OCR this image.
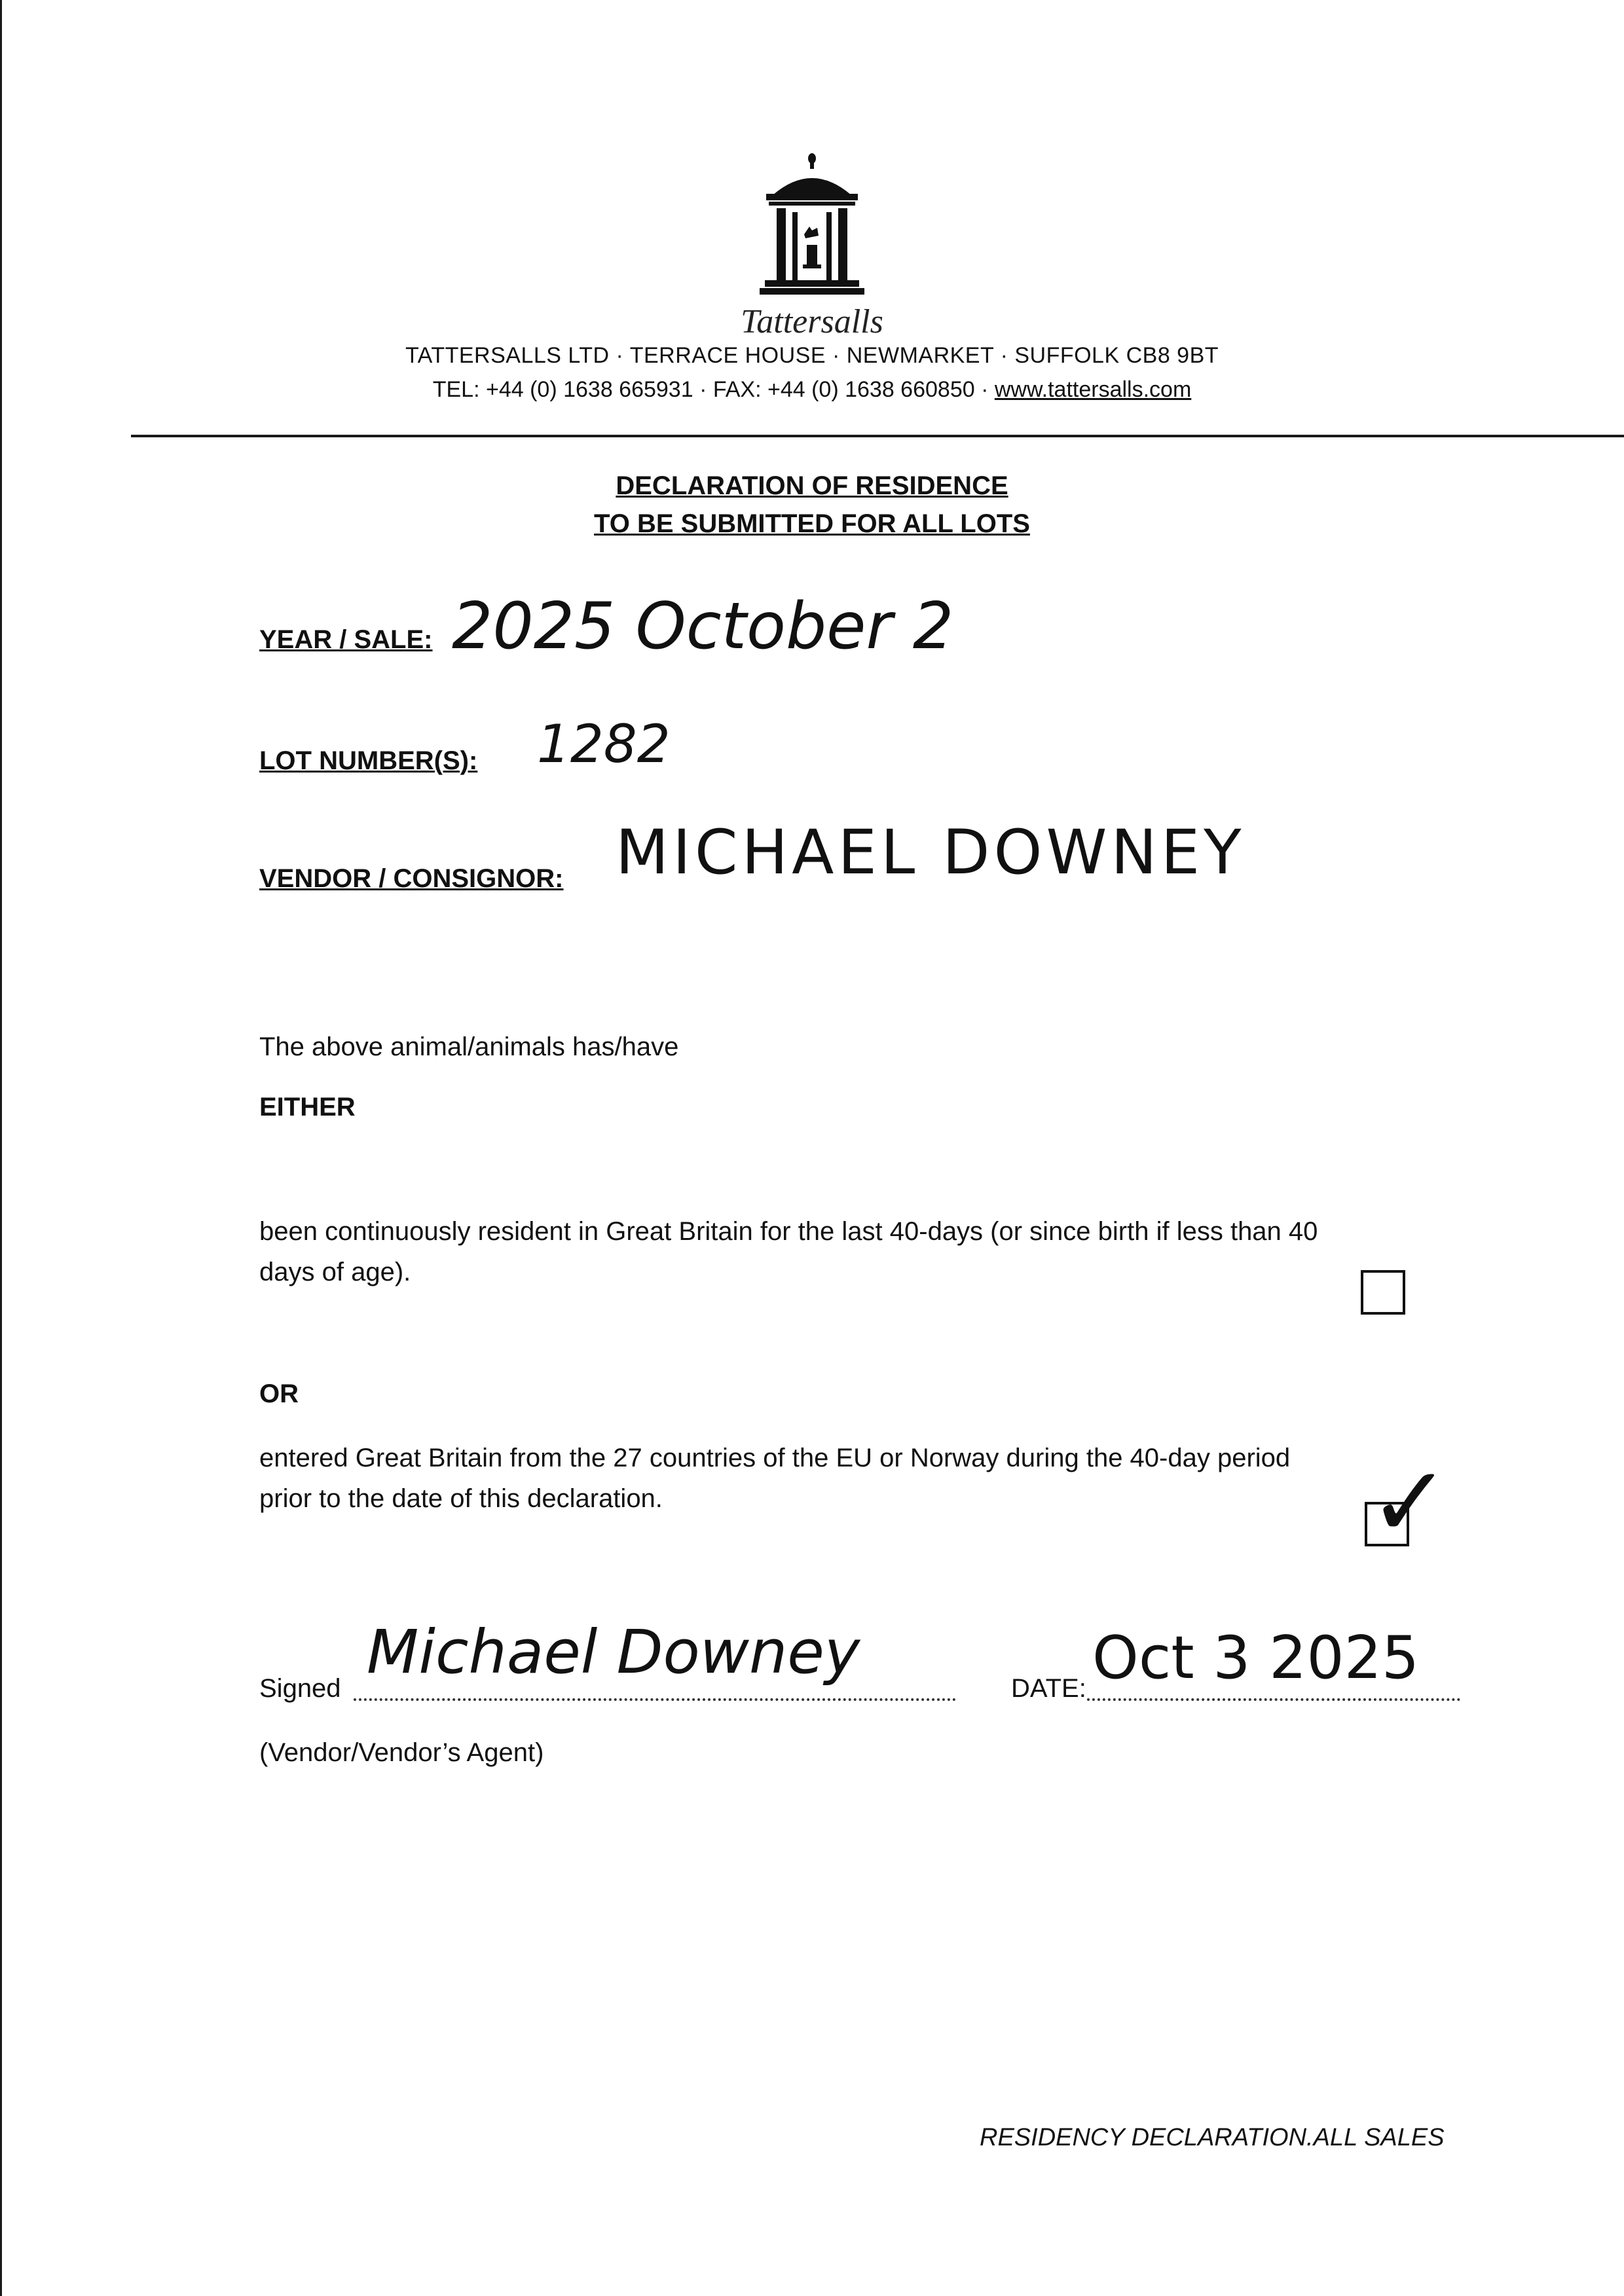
Tattersalls
TATTERSALLS LTD · TERRACE HOUSE · NEWMARKET · SUFFOLK CB8 9BT
TEL: +44 (0) 1638 665931 · FAX: +44 (0) 1638 660850 · www.tattersalls.com
DECLARATION OF RESIDENCE
TO BE SUBMITTED FOR ALL LOTS
YEAR / SALE: 2025 October 2
LOT NUMBER(S): 1282
VENDOR / CONSIGNOR: MICHAEL DOWNEY
The above animal/animals has/have
EITHER
been continuously resident in Great Britain for the last 40-days (or since birth if less than 40
days of age).
OR
entered Great Britain from the 27 countries of the EU or Norway during the 40-day period
prior to the date of this declaration.	✓
Signed
Michael Downey
DATE: Oct 3 2025
(Vendor/Vendor’s Agent)
RESIDENCY DECLARATION.ALL SALES
